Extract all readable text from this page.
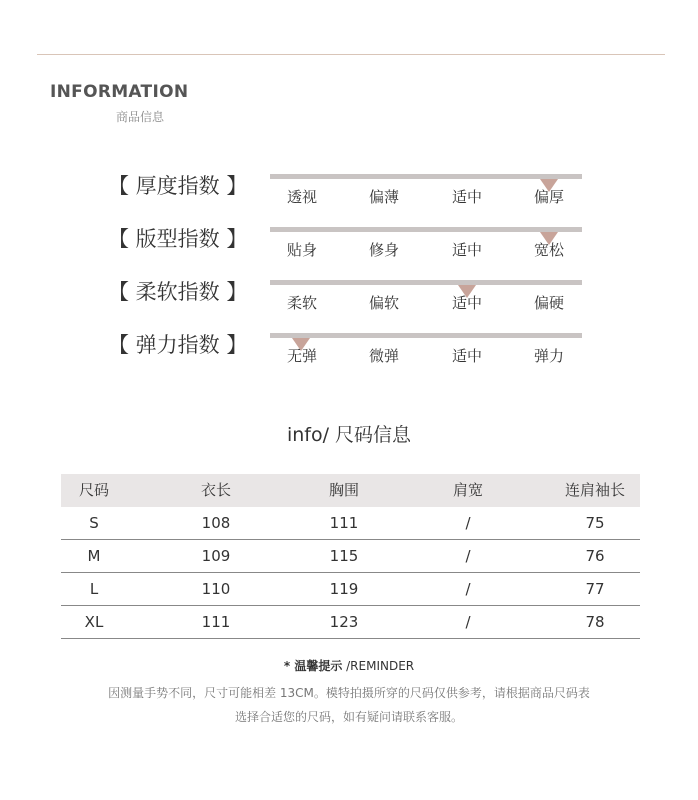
INFORMATION
商品信息
【 厚度指数 】	透视	偏薄	适中	偏厚
【 版型指数 】	贴身	修身	适中	宽松
【 柔软指数 】	柔软	偏软	适中	偏硬
【 弹力指数 】	无弹	微弹	适中	弹力
info/ 尺码信息
尺码	衣长	胸围	肩宽	连肩袖长
S	108	111	/	75
M	109	115	/	76
L	110	119	/	77
XL	111	123	/	78
* 温馨提示 /REMINDER
因测量手势不同，尺寸可能相差 13CM。模特拍摄所穿的尺码仅供参考，请根据商品尺码表
选择合适您的尺码，如有疑问请联系客服。
